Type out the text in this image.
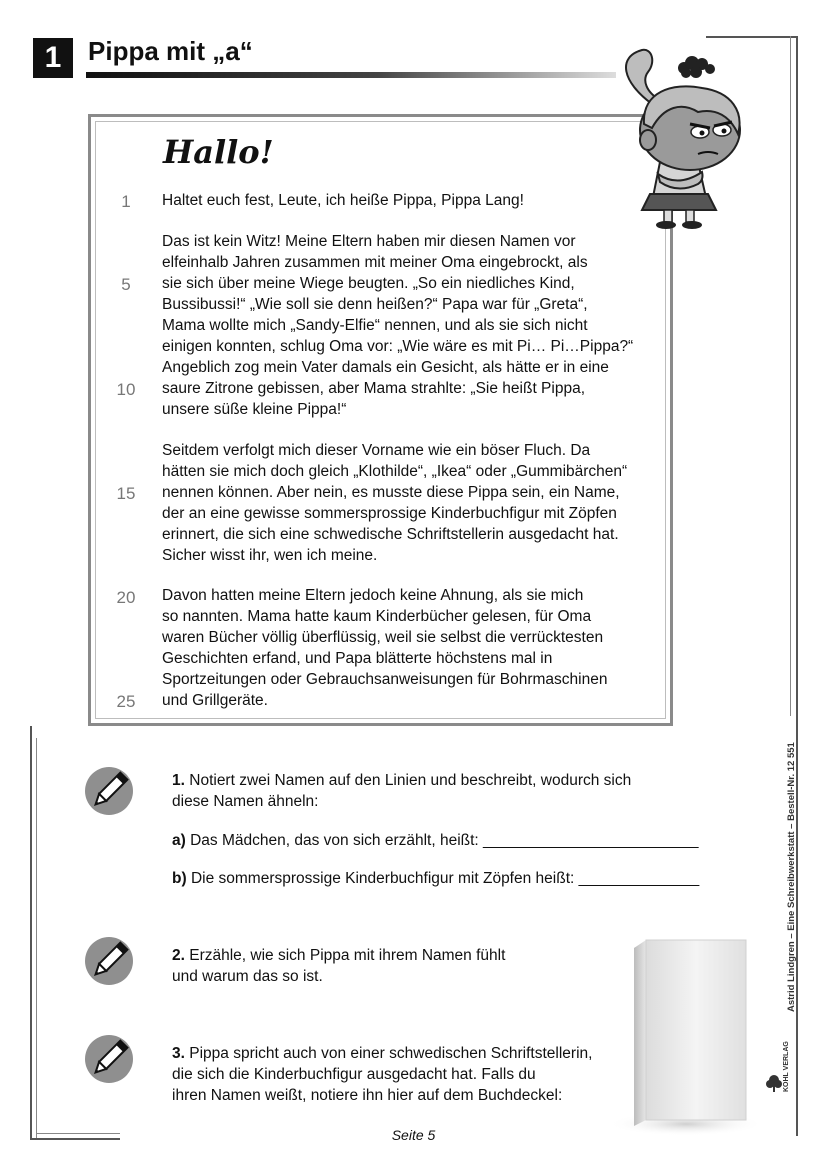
1	Pippa mit „a“
Hallo!
1
5
10
15
20
25

Haltet euch fest, Leute, ich heiße Pippa, Pippa Lang!

Das ist kein Witz! Meine Eltern haben mir diesen Namen vor

elfeinhalb Jahren zusammen mit meiner Oma eingebrockt, als

sie sich über meine Wiege beugten. „So ein niedliches Kind,

Bussibussi!“ „Wie soll sie denn heißen?“ Papa war für „Greta“,

Mama wollte mich „Sandy-Elfie“ nennen, und als sie sich nicht

einigen konnten, schlug Oma vor: „Wie wäre es mit Pi… Pi…Pippa?“

Angeblich zog mein Vater damals ein Gesicht, als hätte er in eine

saure Zitrone gebissen, aber Mama strahlte: „Sie heißt Pippa,

unsere süße kleine Pippa!“

Seitdem verfolgt mich dieser Vorname wie ein böser Fluch. Da

hätten sie mich doch gleich „Klothilde“, „Ikea“ oder „Gummibärchen“

nennen können. Aber nein, es musste diese Pippa sein, ein Name,

der an eine gewisse sommersprossige Kinderbuchfigur mit Zöpfen

erinnert, die sich eine schwedische Schriftstellerin ausgedacht hat.

Sicher wisst ihr, wen ich meine.

Davon hatten meine Eltern jedoch keine Ahnung, als sie mich

so nannten. Mama hatte kaum Kinderbücher gelesen, für Oma

waren Bücher völlig überflüssig, weil sie selbst die verrücktesten

Geschichten erfand, und Papa blätterte höchstens mal in

Sportzeitungen oder Gebrauchsanweisungen für Bohrmaschinen

und Grillgeräte.

1. Notiert zwei Namen auf den Linien und beschreibt, wodurch sich

diese Namen ähneln:

a) Das Mädchen, das von sich erzählt, heißt: _________________________

b) Die sommersprossige Kinderbuchfigur mit Zöpfen heißt: ______________

2. Erzähle, wie sich Pippa mit ihrem Namen fühlt

und warum das so ist.

3. Pippa spricht auch von einer schwedischen Schriftstellerin,

die sich die Kinderbuchfigur ausgedacht hat. Falls du

ihren Namen weißt, notiere ihn hier auf dem Buchdeckel:

Astrid Lindgren – Eine Schreibwerkstatt – Bestell-Nr. 12 551
KOHL VERLAG
Seite 5
